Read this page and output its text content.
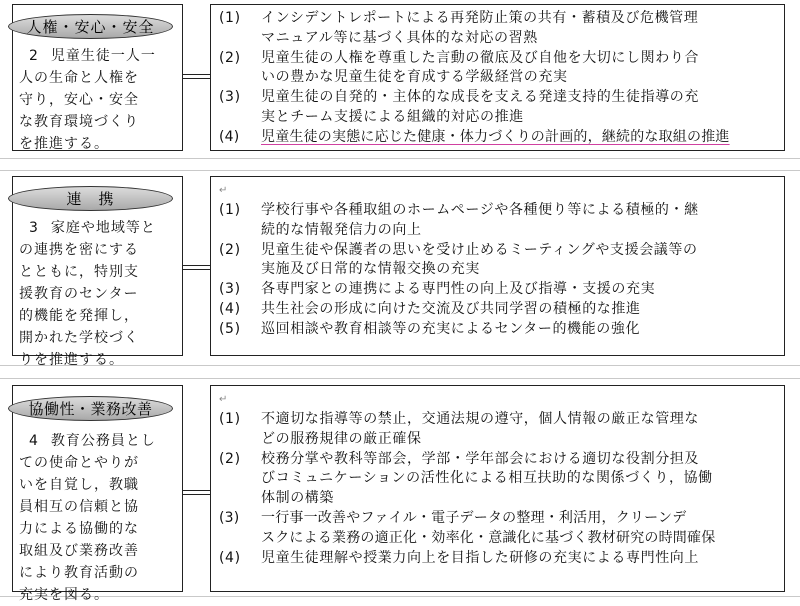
2 児童生徒一人一
人の生命と人権を
守り，安心・安全
な教育環境づくり
を推進する。
人権・安心・安全	(1)	インシデントレポートによる再発防止策の共有・蓄積及び危機管理
マニュアル等に基づく具体的な対応の習熟
(2)	児童生徒の人権を尊重した言動の徹底及び自他を大切にし関わり合
いの豊かな児童生徒を育成する学級経営の充実
(3)	児童生徒の自発的・主体的な成長を支える発達支持的生徒指導の充
実とチーム支援による組織的対応の推進
(4)	児童生徒の実態に応じた健康・体力づくりの計画的，継続的な取組の推進
3 家庭や地域等と
の連携を密にする
とともに，特別支
援教育のセンター
的機能を発揮し，
開かれた学校づく
りを推進する。
連　携	↵
(1)	学校行事や各種取組のホームページや各種便り等による積極的・継
続的な情報発信力の向上
(2)	児童生徒や保護者の思いを受け止めるミーティングや支援会議等の
実施及び日常的な情報交換の充実
(3)	各専門家との連携による専門性の向上及び指導・支援の充実
(4)	共生社会の形成に向けた交流及び共同学習の積極的な推進
(5)	巡回相談や教育相談等の充実によるセンター的機能の強化
4 教育公務員とし
ての使命とやりが
いを自覚し，教職
員相互の信頼と協
力による協働的な
取組及び業務改善
により教育活動の
充実を図る。
協働性・業務改善
↵
(1)	不適切な指導等の禁止，交通法規の遵守，個人情報の厳正な管理な
どの服務規律の厳正確保
(2)	校務分掌や教科等部会，学部・学年部会における適切な役割分担及
びコミュニケーションの活性化による相互扶助的な関係づくり，協働
体制の構築
(3)	一行事一改善やファイル・電子データの整理・利活用，クリーンデ
スクによる業務の適正化・効率化・意識化に基づく教材研究の時間確保
(4)	児童生徒理解や授業力向上を目指した研修の充実による専門性向上
